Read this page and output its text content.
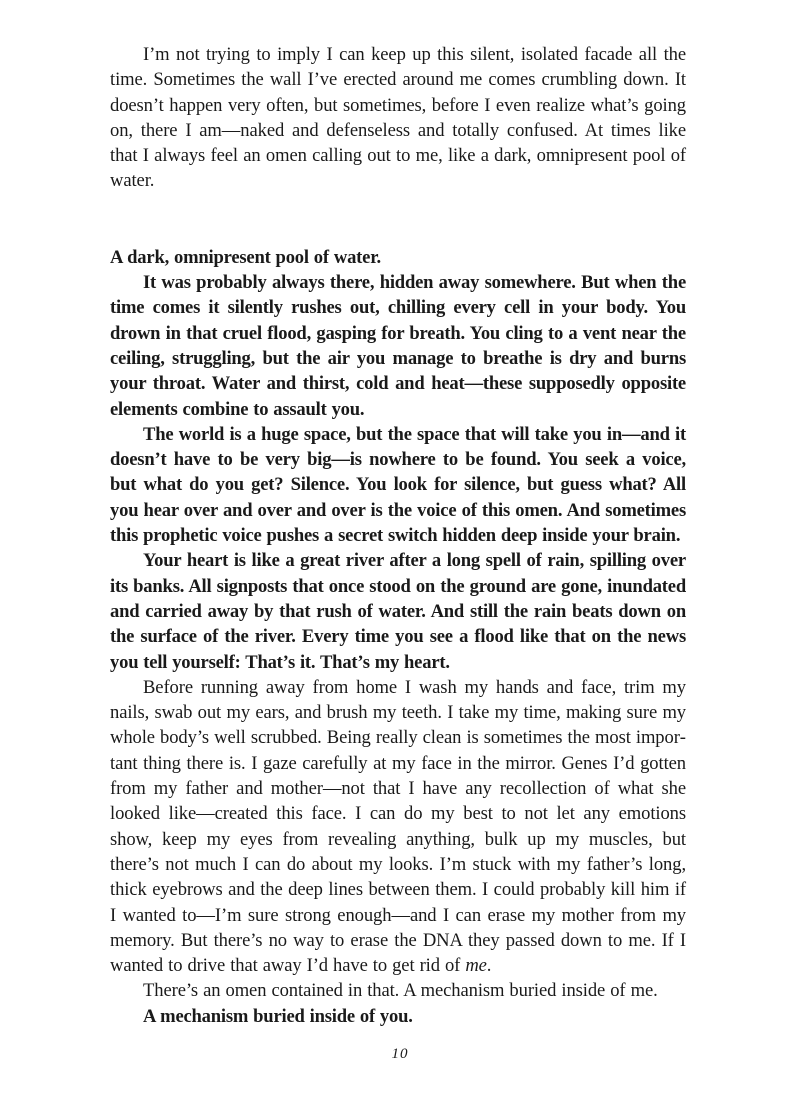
I’m not trying to imply I can keep up this silent, isolated facade all the time. Sometimes the wall I’ve erected around me comes crumbling down. It doesn’t happen very often, but sometimes, before I even realize what’s going on, there I am—naked and defenseless and totally confused. At times like that I always feel an omen calling out to me, like a dark, omnipresent pool of water.

A dark, omnipresent pool of water.

It was probably always there, hidden away somewhere. But when the time comes it silently rushes out, chilling every cell in your body. You drown in that cruel flood, gasping for breath. You cling to a vent near the ceiling, struggling, but the air you manage to breathe is dry and burns your throat. Water and thirst, cold and heat—these supposedly opposite elements combine to assault you.

The world is a huge space, but the space that will take you in—and it doesn’t have to be very big—is nowhere to be found. You seek a voice, but what do you get? Silence. You look for silence, but guess what? All you hear over and over and over is the voice of this omen. And sometimes this prophetic voice pushes a secret switch hidden deep inside your brain.

Your heart is like a great river after a long spell of rain, spilling over its banks. All signposts that once stood on the ground are gone, inundated and carried away by that rush of water. And still the rain beats down on the surface of the river. Every time you see a flood like that on the news you tell yourself: That’s it. That’s my heart.

Before running away from home I wash my hands and face, trim my nails, swab out my ears, and brush my teeth. I take my time, making sure my whole body’s well scrubbed. Being really clean is sometimes the most important thing there is. I gaze carefully at my face in the mirror. Genes I’d gotten from my father and mother—not that I have any recollection of what she looked like—created this face. I can do my best to not let any emotions show, keep my eyes from revealing anything, bulk up my muscles, but there’s not much I can do about my looks. I’m stuck with my father’s long, thick eyebrows and the deep lines between them. I could probably kill him if I wanted to—I’m sure strong enough—and I can erase my mother from my memory. But there’s no way to erase the DNA they passed down to me. If I wanted to drive that away I’d have to get rid of me.

There’s an omen contained in that. A mechanism buried inside of me.

A mechanism buried inside of you.

10
